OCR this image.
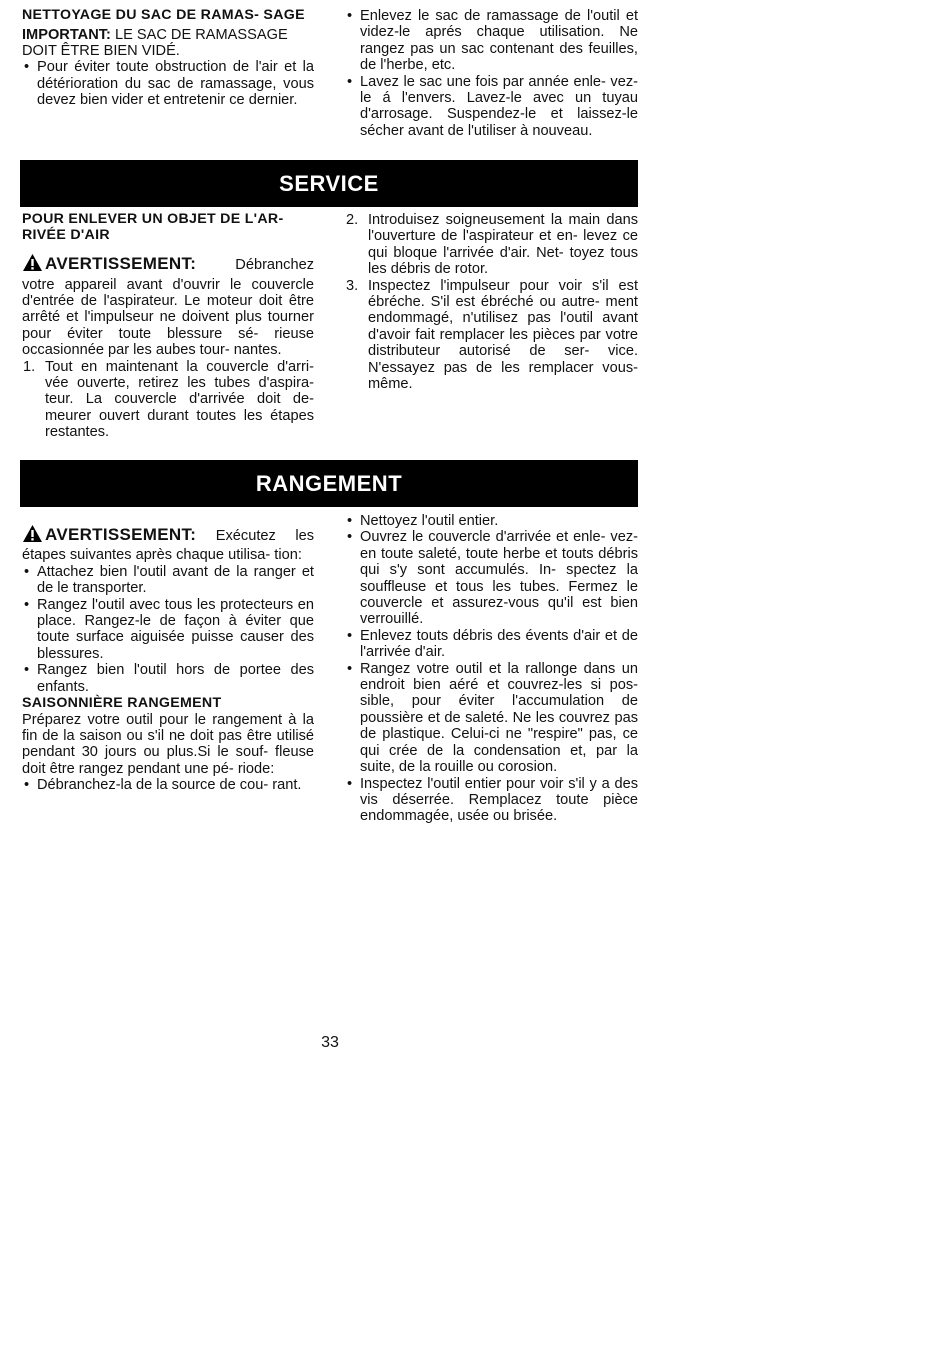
NETTOYAGE DU SAC DE RAMAS- SAGE

IMPORTANT: LE SAC DE RAMASSAGE DOIT ÊTRE BIEN VIDÉ.

• Pour éviter toute obstruction de l'air et la détérioration du sac de ramassage, vous devez bien vider et entretenir ce dernier.
• Enlevez le sac de ramassage de l'outil et videz-le aprés chaque utilisation. Ne rangez pas un sac contenant des feuilles, de l'herbe, etc.
• Lavez le sac une fois par année enle- vez-le á l'envers. Lavez-le avec un tuyau d'arrosage. Suspendez-le et laissez-le sécher avant de l'utiliser à nouveau.
SERVICE

POUR ENLEVER UN OBJET DE L'AR- RIVÉE D'AIR

AVERTISSEMENT: Débranchez votre appareil avant d'ouvrir le couvercle d'entrée de l'aspirateur. Le moteur doit être arrêté et l'impulseur ne doivent plus tourner pour éviter toute blessure sé- rieuse occasionnée par les aubes tour- nantes.

1. Tout en maintenant la couvercle d'arri- vée ouverte, retirez les tubes d'aspira- teur. La couvercle d'arrivée doit de- meurer ouvert durant toutes les étapes restantes.
2. Introduisez soigneusement la main dans l'ouverture de l'aspirateur et en- levez ce qui bloque l'arrivée d'air. Net- toyez tous les débris de rotor.
3. Inspectez l'impulseur pour voir s'il est ébréche. S'il est ébréché ou autre- ment endommagé, n'utilisez pas l'outil avant d'avoir fait remplacer les pièces par votre distributeur autorisé de ser- vice. N'essayez pas de les remplacer vous-même.
RANGEMENT

AVERTISSEMENT: Exécutez les étapes suivantes après chaque utilisa- tion:

• Attachez bien l'outil avant de la ranger et de le transporter.
• Rangez l'outil avec tous les protecteurs en place. Rangez-le de façon à éviter que toute surface aiguisée puisse causer des blessures.
• Rangez bien l'outil hors de portee des enfants.

SAISONNIÈRE RANGEMENT

Préparez votre outil pour le rangement à la fin de la saison ou s'il ne doit pas être utilisé pendant 30 jours ou plus.Si le souf- fleuse doit être rangez pendant une pé- riode:

• Débranchez-la de la source de cou- rant.
• Nettoyez l'outil entier.
• Ouvrez le couvercle d'arrivée et enle- vez-en toute saleté, toute herbe et touts débris qui s'y sont accumulés. In- spectez la souffleuse et tous les tubes. Fermez le couvercle et assurez-vous qu'il est bien verrouillé.
• Enlevez touts débris des évents d'air et de l'arrivée d'air.
• Rangez votre outil et la rallonge dans un endroit bien aéré et couvrez-les si pos- sible, pour éviter l'accumulation de poussière et de saleté. Ne les couvrez pas de plastique. Celui-ci ne "respire" pas, ce qui crée de la condensation et, par la suite, de la rouille ou corosion.
• Inspectez l'outil entier pour voir s'il y a des vis déserrée. Remplacez toute pièce endommagée, usée ou brisée.
33
